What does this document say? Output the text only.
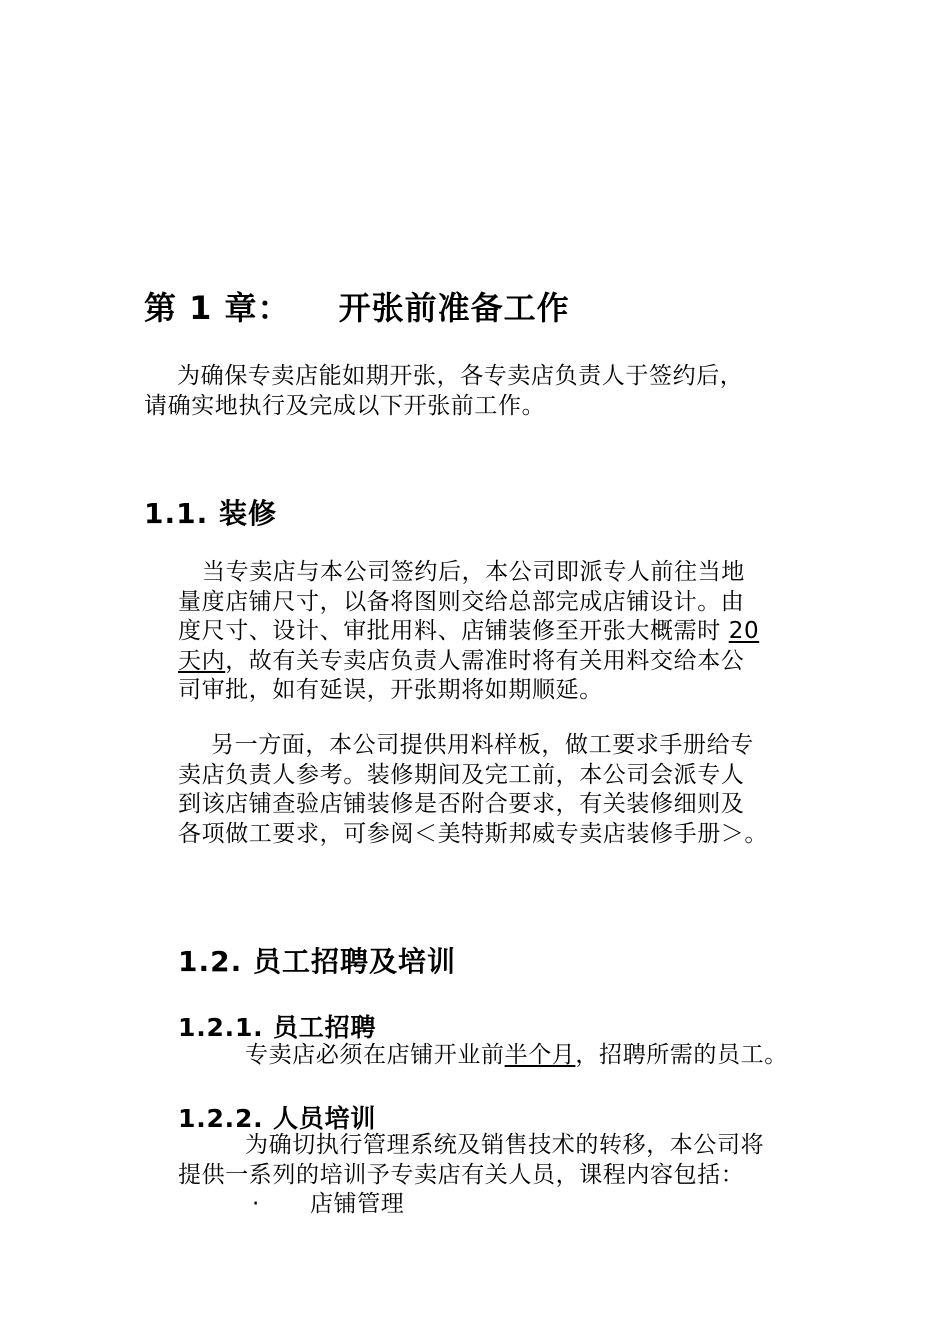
第 1 章： 开张前准备工作
为确保专卖店能如期开张，各专卖店负责人于签约后，
请确实地执行及完成以下开张前工作。
1.1. 装修
当专卖店与本公司签约后，本公司即派专人前往当地
量度店铺尺寸，以备将图则交给总部完成店铺设计。由
度尺寸、设计、审批用料、店铺装修至开张大概需时 20
天内，故有关专卖店负责人需准时将有关用料交给本公
司审批，如有延误，开张期将如期顺延。
另一方面，本公司提供用料样板，做工要求手册给专
卖店负责人参考。装修期间及完工前，本公司会派专人
到该店铺查验店铺装修是否附合要求，有关装修细则及
各项做工要求，可参阅＜美特斯邦威专卖店装修手册＞。
1.2. 员工招聘及培训
1.2.1. 员工招聘
专卖店必须在店铺开业前半个月，招聘所需的员工。
1.2.2. 人员培训
为确切执行管理系统及销售技术的转移，本公司将
提供一系列的培训予专卖店有关人员，课程内容包括：
· 店铺管理
